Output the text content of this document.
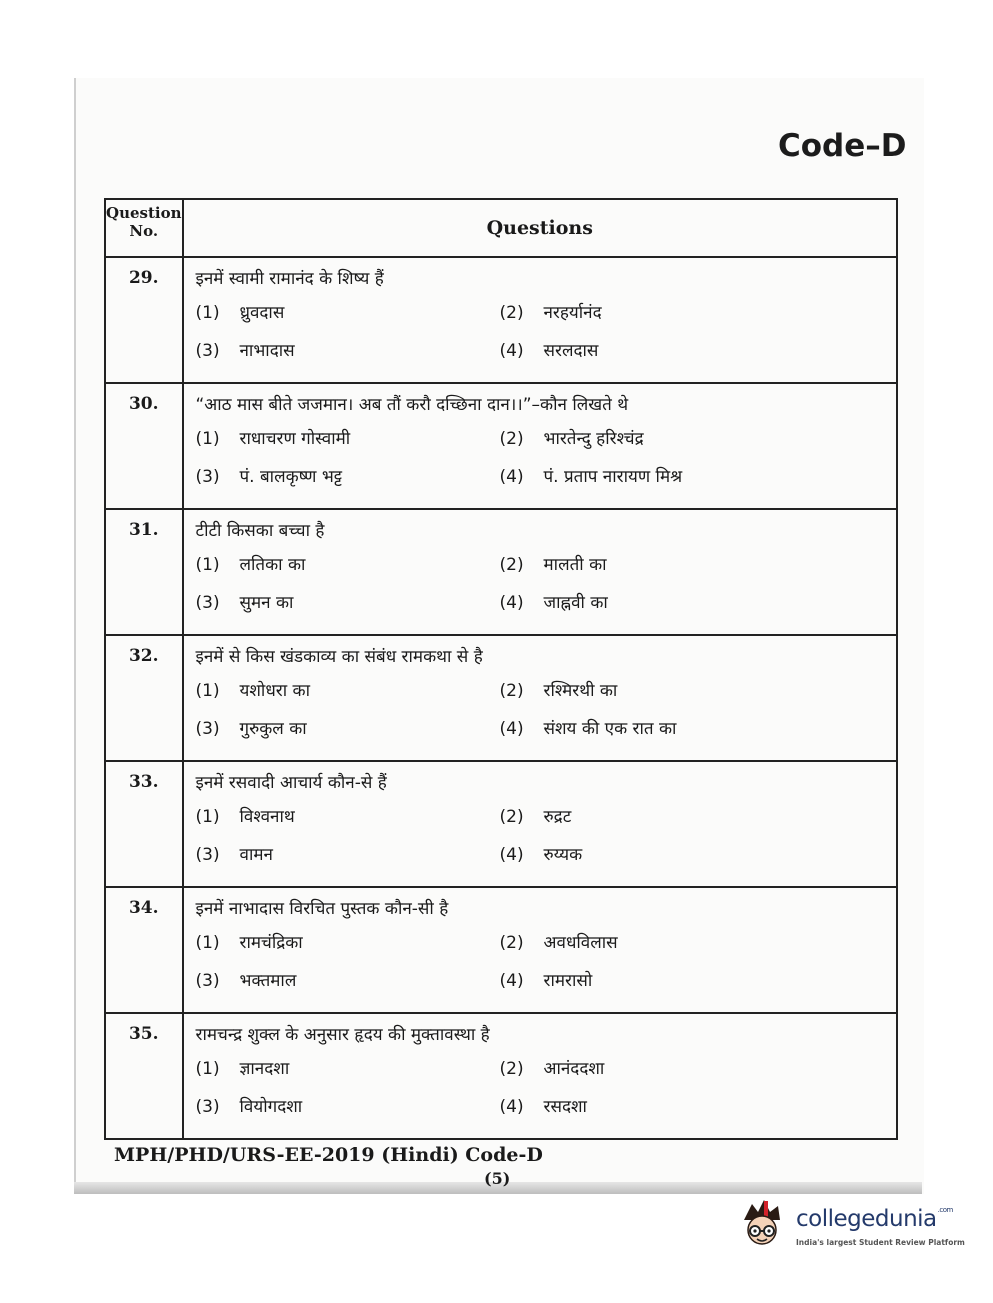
Code–D
Question
No.	Questions
29.	इनमें स्वामी रामानंद के शिष्य हैं
(1) ध्रुवदास (2) नरहर्यानंद
(3) नाभादास (4) सरलदास

30.	“आठ मास बीते जजमान। अब तौं करौ दच्छिना दान।।”–कौन लिखते थे
(1) राधाचरण गोस्वामी (2) भारतेन्दु हरिश्चंद्र
(3) पं. बालकृष्ण भट्ट (4) पं. प्रताप नारायण मिश्र

31.	टीटी किसका बच्चा है
(1) लतिका का (2) मालती का
(3) सुमन का (4) जाह्नवी का

32.	इनमें से किस खंडकाव्य का संबंध रामकथा से है
(1) यशोधरा का (2) रश्मिरथी का
(3) गुरुकुल का (4) संशय की एक रात का

33.	इनमें रसवादी आचार्य कौन-से हैं
(1) विश्वनाथ (2) रुद्रट
(3) वामन (4) रुय्यक

34.	इनमें नाभादास विरचित पुस्तक कौन-सी है
(1) रामचंद्रिका (2) अवधविलास
(3) भक्तमाल (4) रामरासो

35.	रामचन्द्र शुक्ल के अनुसार हृदय की मुक्तावस्था है
(1) ज्ञानदशा (2) आनंददशा
(3) वियोगदशा (4) रसदशा
MPH/PHD/URS-EE-2019 (Hindi) Code-D
(5)
collegedunia$^{.com}$
India's largest Student Review Platform
